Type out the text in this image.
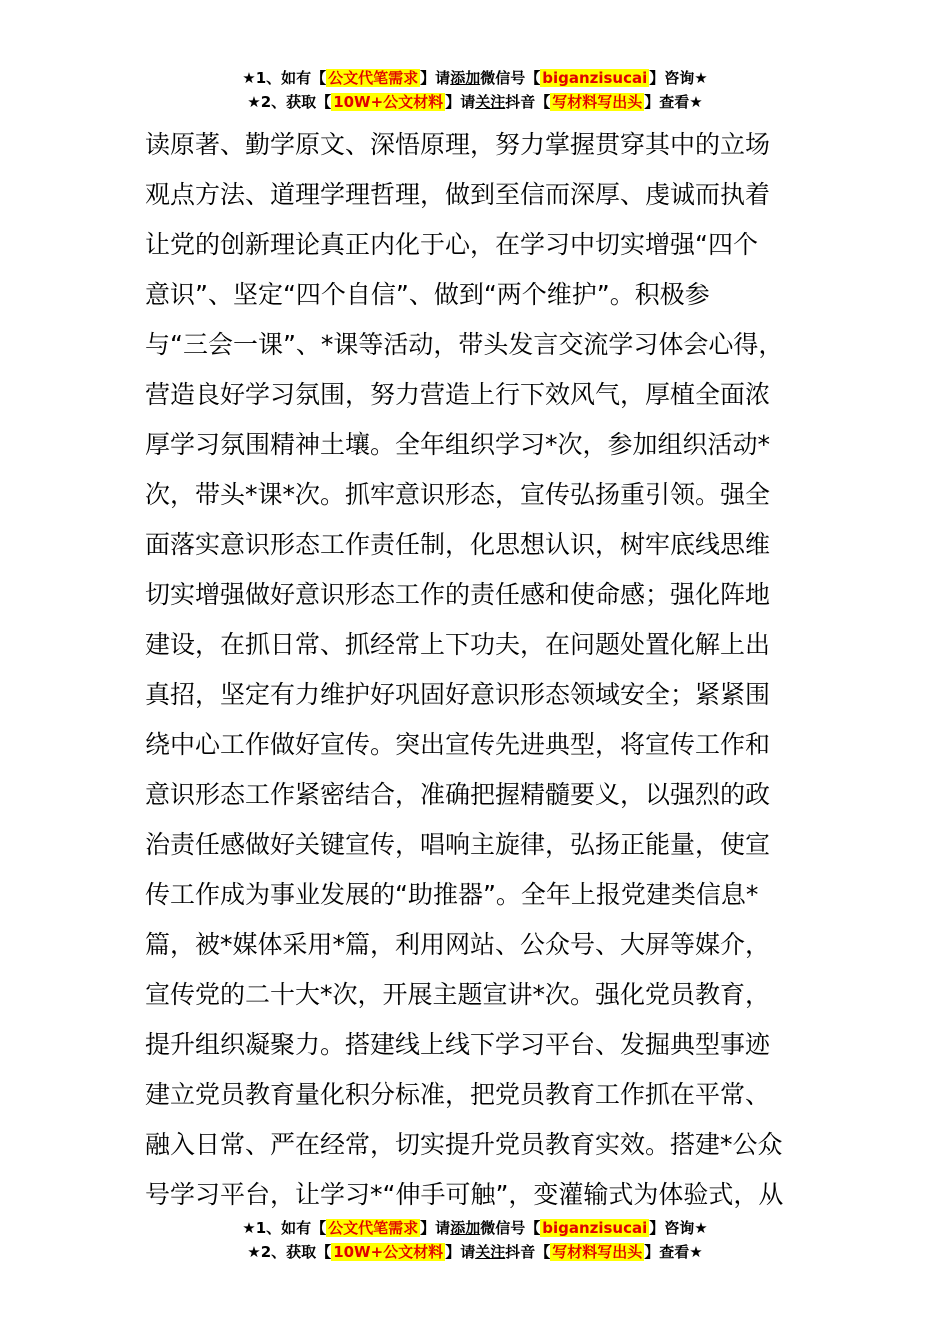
★1、如有【 公文代笔需求 】请添加微信号【 biganzisucai 】咨询★
★2、获取【 10W+公文材料 】请关注抖音【 写材料写出头 】查看★
读原著、勤学原文、深悟原理，努力掌握贯穿其中的立场
观点方法、道理学理哲理，做到至信而深厚、虔诚而执着
让党的创新理论真正内化于心，在学习中切实增强“四个
意识”、坚定“四个自信”、做到“两个维护”。积极参
与“三会一课”、*课等活动，带头发言交流学习体会心得，
营造良好学习氛围，努力营造上行下效风气，厚植全面浓
厚学习氛围精神土壤。全年组织学习*次，参加组织活动*
次，带头*课*次。抓牢意识形态，宣传弘扬重引领。强全
面落实意识形态工作责任制，化思想认识，树牢底线思维
切实增强做好意识形态工作的责任感和使命感；强化阵地
建设，在抓日常、抓经常上下功夫，在问题处置化解上出
真招，坚定有力维护好巩固好意识形态领域安全；紧紧围
绕中心工作做好宣传。突出宣传先进典型，将宣传工作和
意识形态工作紧密结合，准确把握精髓要义，以强烈的政
治责任感做好关键宣传，唱响主旋律，弘扬正能量，使宣
传工作成为事业发展的“助推器”。全年上报党建类信息*
篇，被*媒体采用*篇，利用网站、公众号、大屏等媒介，
宣传党的二十大*次，开展主题宣讲*次。强化党员教育，
提升组织凝聚力。搭建线上线下学习平台、发掘典型事迹
建立党员教育量化积分标准，把党员教育工作抓在平常、
融入日常、严在经常，切实提升党员教育实效。搭建*公众
号学习平台，让学习*“伸手可触”，变灌输式为体验式，从
★1、如有【 公文代笔需求 】请添加微信号【 biganzisucai 】咨询★
★2、获取【 10W+公文材料 】请关注抖音【 写材料写出头 】查看★
